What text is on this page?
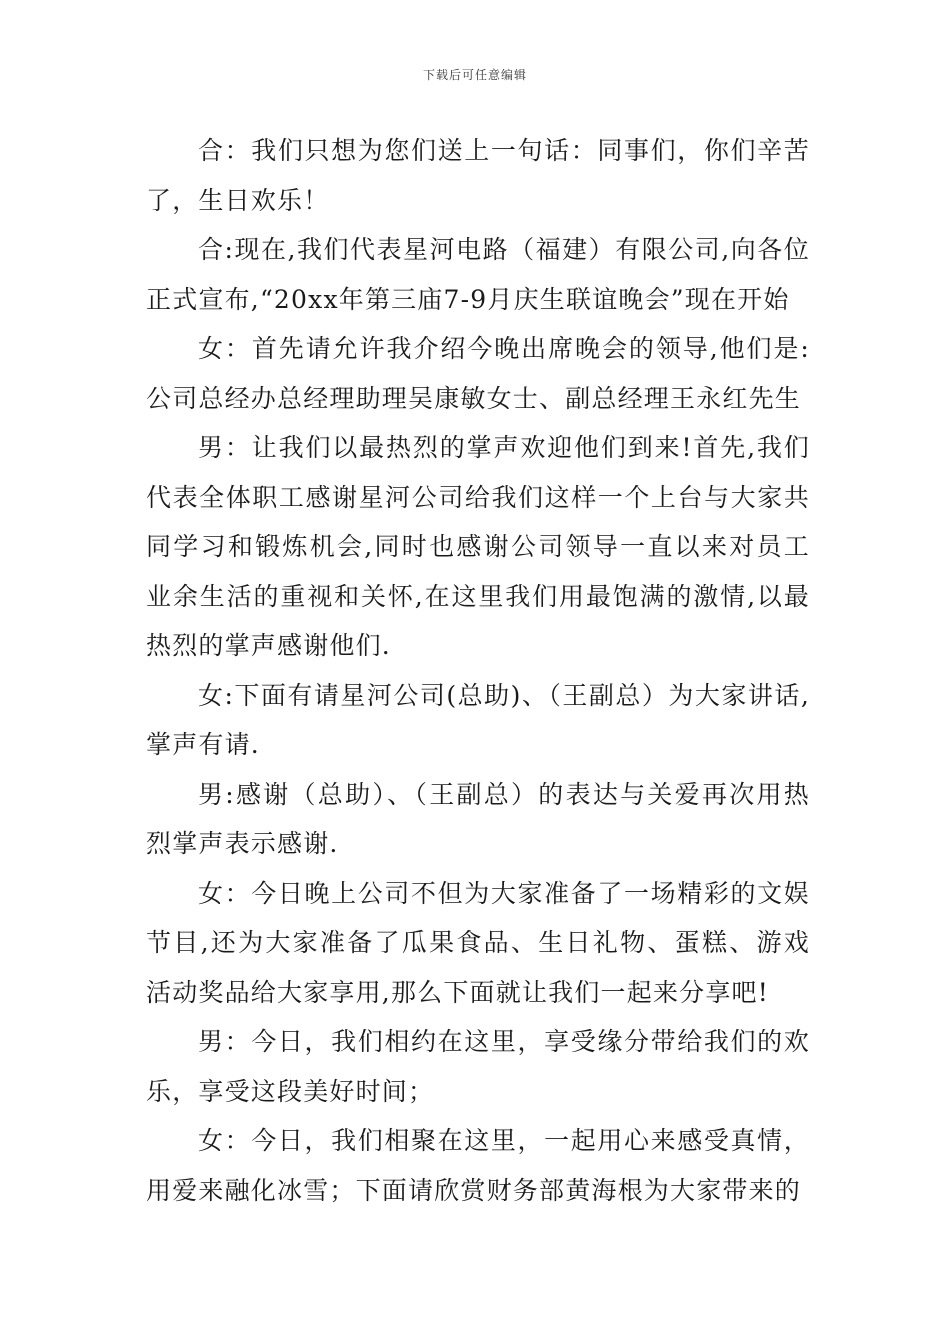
下载后可任意编辑

合：我们只想为您们送上一句话：同事们，你们辛苦了，生日欢乐！

合:现在,我们代表星河电路（福建）有限公司,向各位正式宣布,“20xx年第三庙7-9月庆生联谊晚会”现在开始

女：首先请允许我介绍今晚出席晚会的领导,他们是:公司总经办总经理助理吴康敏女士、副总经理王永红先生

男：让我们以最热烈的掌声欢迎他们到来!首先,我们代表全体职工感谢星河公司给我们这样一个上台与大家共同学习和锻炼机会,同时也感谢公司领导一直以来对员工业余生活的重视和关怀,在这里我们用最饱满的激情,以最热烈的掌声感谢他们.

女:下面有请星河公司(总助)、（王副总）为大家讲话,掌声有请.

男:感谢（总助）、（王副总）的表达与关爱再次用热烈掌声表示感谢.

女：今日晚上公司不但为大家准备了一场精彩的文娱节目,还为大家准备了瓜果食品、生日礼物、蛋糕、游戏活动奖品给大家享用,那么下面就让我们一起来分享吧!

男：今日，我们相约在这里，享受缘分带给我们的欢乐，享受这段美好时间；

女：今日，我们相聚在这里，一起用心来感受真情，用爱来融化冰雪；下面请欣赏财务部黄海根为大家带来的
